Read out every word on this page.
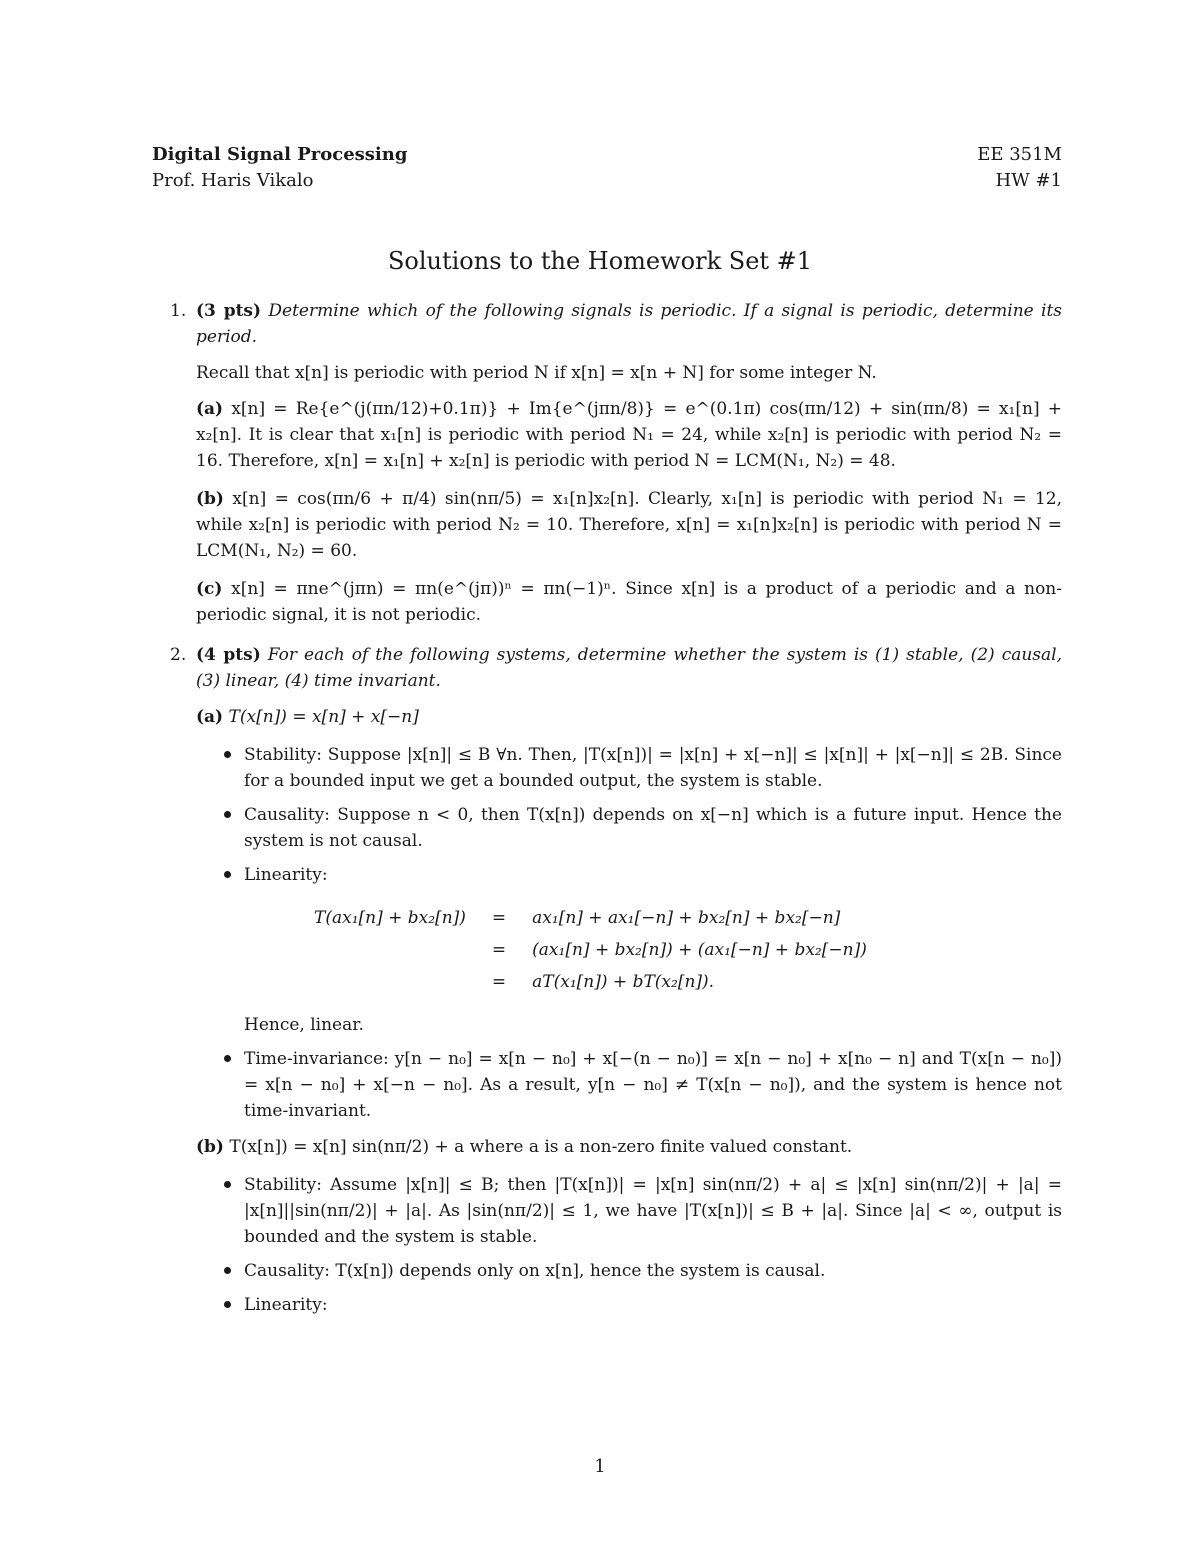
Digital Signal Processing
Prof. Haris Vikalo
EE 351M
HW #1
Solutions to the Homework Set #1
1. (3 pts) Determine which of the following signals is periodic. If a signal is periodic, determine its period.

Recall that x[n] is periodic with period N if x[n] = x[n + N] for some integer N.

(a) x[n] = Re{e^(j(πn/12)+0.1π)} + Im{e^(jπn/8)} = e^(0.1π) cos(πn/12) + sin(πn/8) = x₁[n] + x₂[n]. It is clear that x₁[n] is periodic with period N₁ = 24, while x₂[n] is periodic with period N₂ = 16. Therefore, x[n] = x₁[n] + x₂[n] is periodic with period N = LCM(N₁, N₂) = 48.
(b) x[n] = cos(πn/6 + π/4) sin(nπ/5) = x₁[n]x₂[n]. Clearly, x₁[n] is periodic with period N₁ = 12, while x₂[n] is periodic with period N₂ = 10. Therefore, x[n] = x₁[n]x₂[n] is periodic with period N = LCM(N₁, N₂) = 60.
(c) x[n] = πne^(jπn) = πn(e^(jπ))ⁿ = πn(−1)ⁿ. Since x[n] is a product of a periodic and a non-periodic signal, it is not periodic.
2. (4 pts) For each of the following systems, determine whether the system is (1) stable, (2) causal, (3) linear, (4) time invariant.

(a) T(x[n]) = x[n] + x[−n]
Stability: Suppose |x[n]| ≤ B ∀n. Then, |T(x[n])| = |x[n] + x[−n]| ≤ |x[n]| + |x[−n]| ≤ 2B. Since for a bounded input we get a bounded output, the system is stable.
Causality: Suppose n < 0, then T(x[n]) depends on x[−n] which is a future input. Hence the system is not causal.
Linearity:
T(ax₁[n] + bx₂[n])	=	ax₁[n] + ax₁[−n] + bx₂[n] + bx₂[−n]
	=	(ax₁[n] + bx₂[n]) + (ax₁[−n] + bx₂[−n])
	=	aT(x₁[n]) + bT(x₂[n]).
Hence, linear.
Time-invariance: y[n − n₀] = x[n − n₀] + x[−(n − n₀)] = x[n − n₀] + x[n₀ − n] and T(x[n − n₀]) = x[n − n₀] + x[−n − n₀]. As a result, y[n − n₀] ≠ T(x[n − n₀]), and the system is hence not time-invariant.
(b) T(x[n]) = x[n] sin(nπ/2) + a where a is a non-zero finite valued constant.
Stability: Assume |x[n]| ≤ B; then |T(x[n])| = |x[n] sin(nπ/2) + a| ≤ |x[n] sin(nπ/2)| + |a| = |x[n]||sin(nπ/2)| + |a|. As |sin(nπ/2)| ≤ 1, we have |T(x[n])| ≤ B + |a|. Since |a| < ∞, output is bounded and the system is stable.
Causality: T(x[n]) depends only on x[n], hence the system is causal.
Linearity:
1
